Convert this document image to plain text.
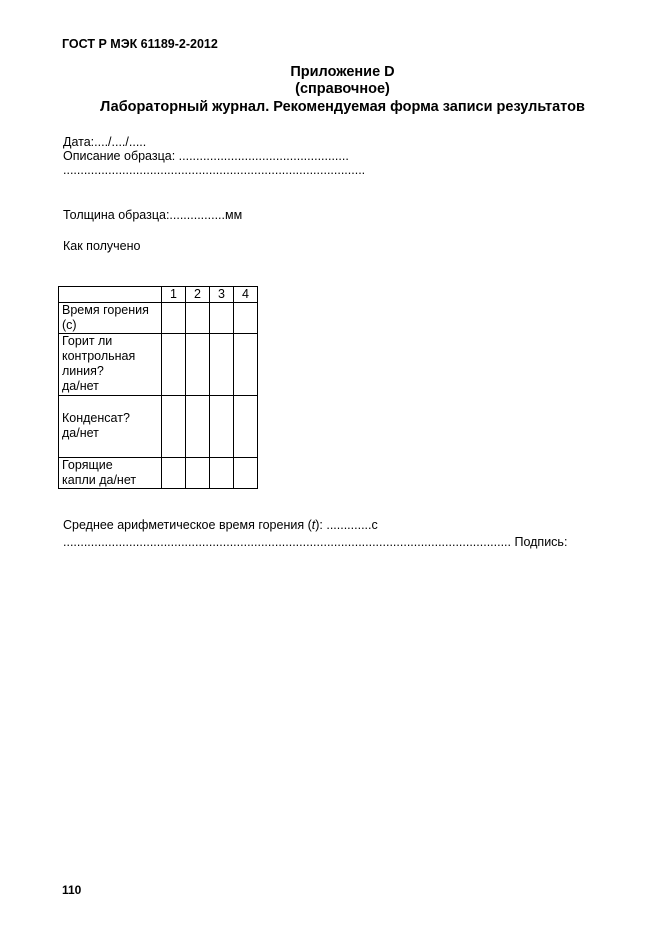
ГОСТ Р МЭК 61189-2-2012
Приложение D
(справочное)
Лабораторный журнал. Рекомендуемая форма записи результатов
Дата:..../..../.....
Описание образца: .................................................
.......................................................................................
Толщина образца:................мм
Как получено
	1	2	3	4

Время горения
(с)				

Горит ли
контрольная
линия?
да/нет				

Конденсат?
да/нет				

Горящие
капли да/нет				

Среднее арифметическое время горения (t): .............с
................................................................................................................................. Подпись:
110
